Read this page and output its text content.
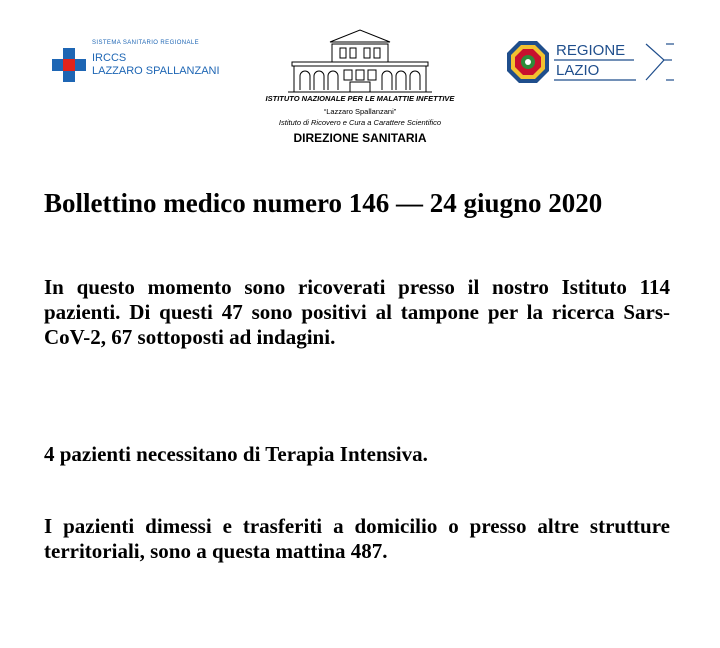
SISTEMA SANITARIO REGIONALE
IRCCS
LAZZARO SPALLANZANI
ISTITUTO NAZIONALE PER LE MALATTIE INFETTIVE
“Lazzaro Spallanzani”
Istituto di Ricovero e Cura a Carattere Scientifico
DIREZIONE SANITARIA
REGIONE
LAZIO
Bollettino medico numero 146 — 24 giugno 2020
In questo momento sono ricoverati presso il nostro Istituto 114 pazienti. Di questi 47 sono positivi al tampone per la ricerca Sars-CoV-2, 67 sottoposti ad indagini.
4 pazienti necessitano di Terapia Intensiva.
I pazienti dimessi e trasferiti a domicilio o presso altre strutture territoriali, sono a questa mattina 487.
